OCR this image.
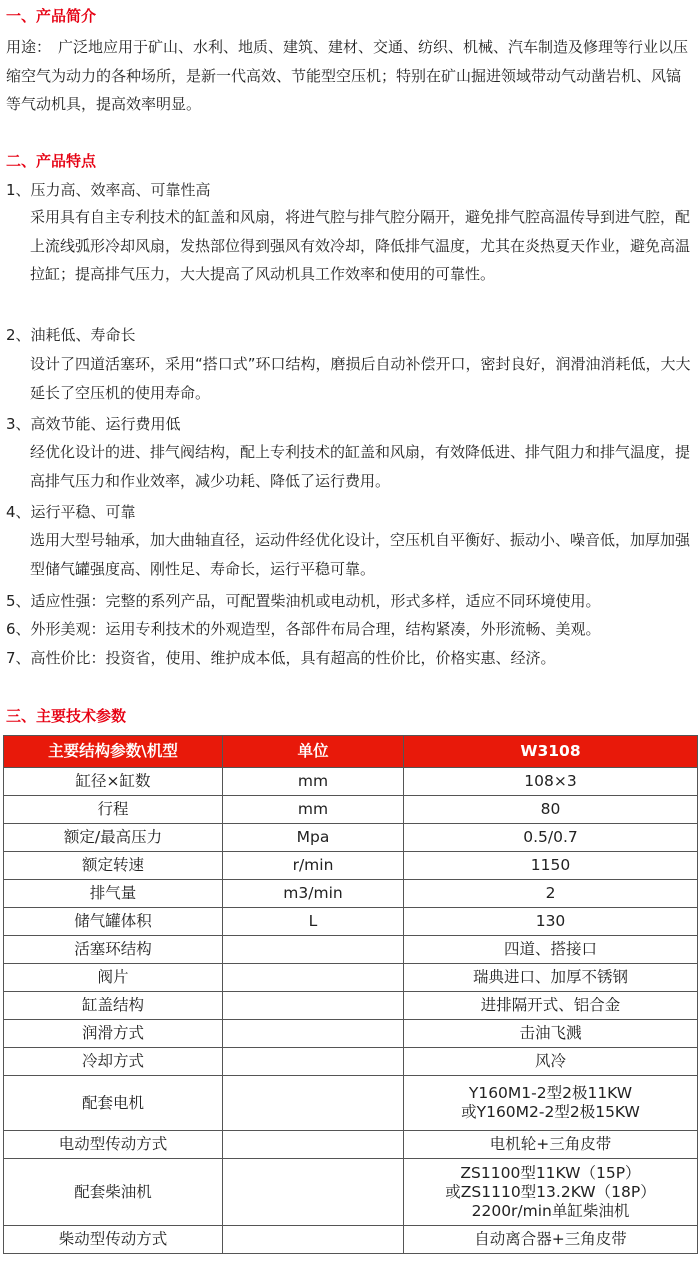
一、产品简介
用途： 广泛地应用于矿山、水利、地质、建筑、建材、交通、纺织、机械、汽车制造及修理等行业以压缩空气为动力的各种场所，是新一代高效、节能型空压机；特别在矿山掘进领域带动气动凿岩机、风镐等气动机具，提高效率明显。
二、产品特点
1、压力高、效率高、可靠性高
采用具有自主专利技术的缸盖和风扇，将进气腔与排气腔分隔开，避免排气腔高温传导到进气腔，配上流线弧形冷却风扇，发热部位得到强风有效冷却，降低排气温度，尤其在炎热夏天作业，避免高温拉缸；提高排气压力，大大提高了风动机具工作效率和使用的可靠性。
2、油耗低、寿命长
设计了四道活塞环，采用“搭口式”环口结构，磨损后自动补偿开口，密封良好，润滑油消耗低，大大延长了空压机的使用寿命。
3、高效节能、运行费用低
经优化设计的进、排气阀结构，配上专利技术的缸盖和风扇，有效降低进、排气阻力和排气温度，提高排气压力和作业效率，减少功耗、降低了运行费用。
4、运行平稳、可靠
选用大型号轴承，加大曲轴直径，运动件经优化设计，空压机自平衡好、振动小、噪音低，加厚加强型储气罐强度高、刚性足、寿命长，运行平稳可靠。
5、适应性强：完整的系列产品，可配置柴油机或电动机，形式多样，适应不同环境使用。
6、外形美观：运用专利技术的外观造型，各部件布局合理，结构紧凑，外形流畅、美观。
7、高性价比：投资省，使用、维护成本低，具有超高的性价比，价格实惠、经济。
三、主要技术参数
主要结构参数\机型	单位	W3108
缸径×缸数	mm	108×3
行程	mm	80
额定/最高压力	Mpa	0.5/0.7
额定转速	r/min	1150
排气量	m3/min	2
储气罐体积	L	130
活塞环结构		四道、搭接口
阀片		瑞典进口、加厚不锈钢
缸盖结构		进排隔开式、铝合金
润滑方式		击油飞溅
冷却方式		风冷
配套电机		Y160M1-2型2极11KW
或Y160M2-2型2极15KW

电动型传动方式		电机轮+三角皮带
配套柴油机		ZS1100型11KW（15P）
或ZS1110型13.2KW（18P）
2200r/min单缸柴油机

柴动型传动方式		自动离合器+三角皮带
